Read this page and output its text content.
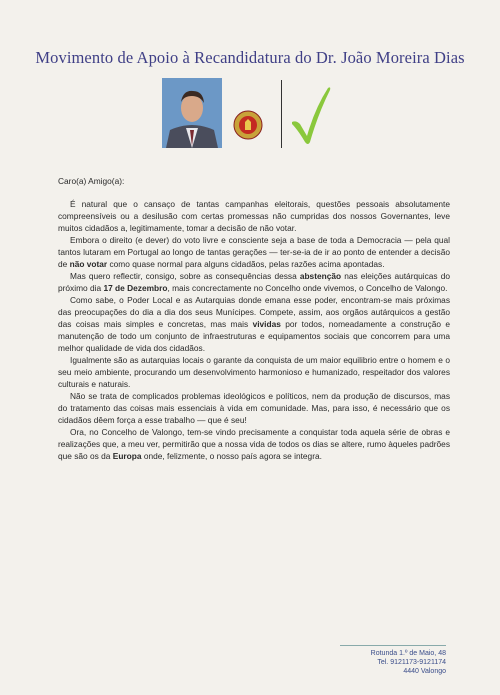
Movimento de Apoio à Recandidatura do Dr. João Moreira Dias

Caro(a) Amigo(a):

É natural que o cansaço de tantas campanhas eleitorais, questões pessoais absolutamente compreensíveis ou a desilusão com certas promessas não cumpridas dos nossos Governantes, leve muitos cidadãos a, legitimamente, tomar a decisão de não votar.

Embora o direito (e dever) do voto livre e consciente seja a base de toda a Democracia — pela qual tantos lutaram em Portugal ao longo de tantas gerações — ter-se-ia de ir ao ponto de entender a decisão de não votar como quase normal para alguns cidadãos, pelas razões acima apontadas.

Mas quero reflectir, consigo, sobre as consequências dessa abstenção nas eleições autárquicas do próximo dia 17 de Dezembro, mais concrectamente no Concelho onde vivemos, o Concelho de Valongo.

Como sabe, o Poder Local e as Autarquias donde emana esse poder, encontram-se mais próximas das preocupações do dia a dia dos seus Munícipes. Compete, assim, aos orgãos autárquicos a gestão das coisas mais simples e concretas, mas mais vividas por todos, nomeadamente a construção e manutenção de todo um conjunto de infraestruturas e equipamentos sociais que concorrem para uma melhor qualidade de vida dos cidadãos.

Igualmente são as autarquias locais o garante da conquista de um maior equilibrio entre o homem e o seu meio ambiente, procurando um desenvolvimento harmonioso e humanizado, respeitador dos valores culturais e naturais.

Não se trata de complicados problemas ideológicos e políticos, nem da produção de discursos, mas do tratamento das coisas mais essenciais à vida em comunidade. Mas, para isso, é necessário que os cidadãos dêem força a esse trabalho — que é seu!

Ora, no Concelho de Valongo, tem-se vindo precisamente a conquistar toda aquela série de obras e realizações que, a meu ver, permitirão que a nossa vida de todos os dias se altere, rumo àqueles padrões que são os da Europa onde, felizmente, o nosso país agora se integra.

Rotunda 1.º de Maio, 48
Tel. 9121173-9121174
4440 Valongo
